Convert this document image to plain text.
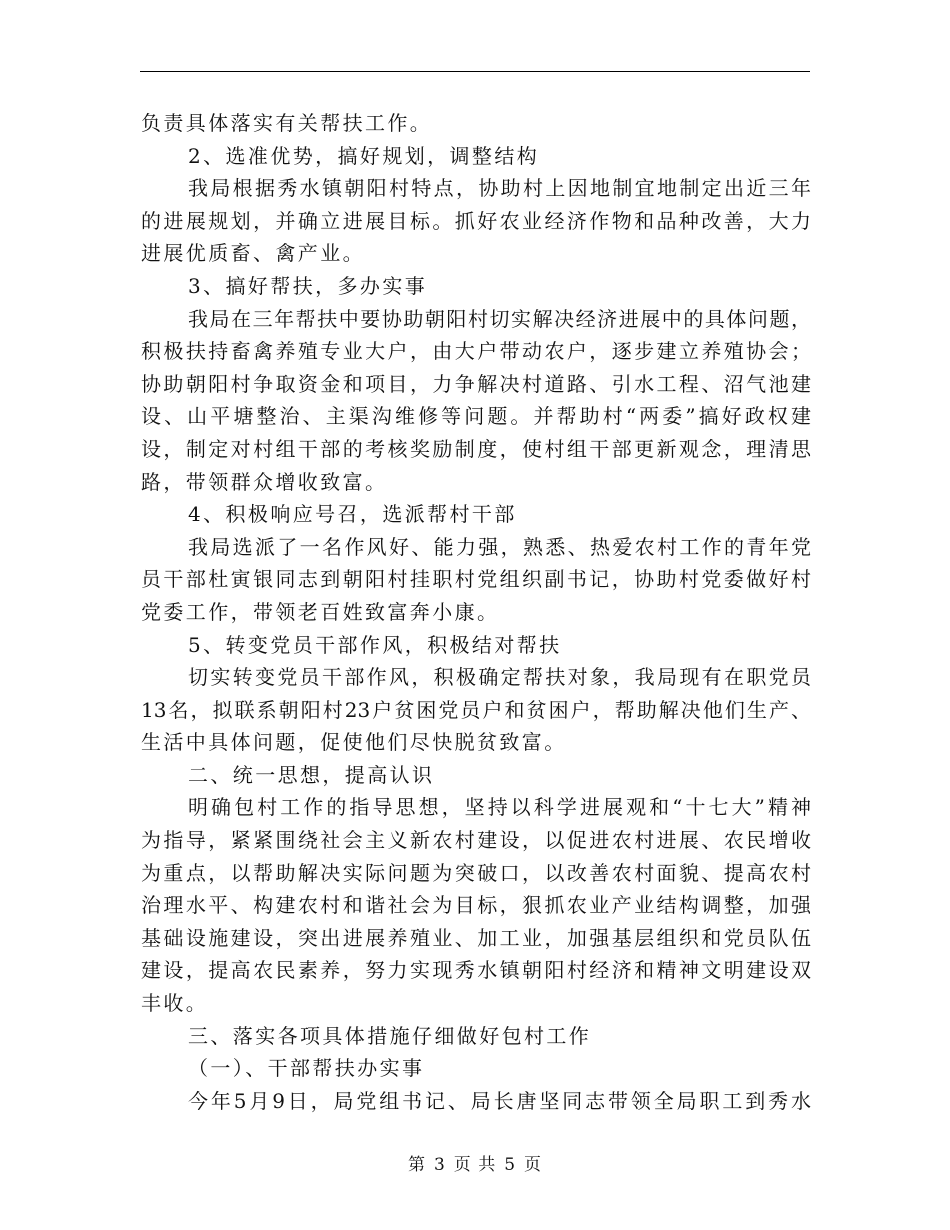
负责具体落实有关帮扶工作。
2、选准优势，搞好规划，调整结构
我局根据秀水镇朝阳村特点，协助村上因地制宜地制定出近三年
的进展规划，并确立进展目标。抓好农业经济作物和品种改善，大力
进展优质畜、禽产业。
3、搞好帮扶，多办实事
我局在三年帮扶中要协助朝阳村切实解决经济进展中的具体问题，
积极扶持畜禽养殖专业大户，由大户带动农户，逐步建立养殖协会；
协助朝阳村争取资金和项目，力争解决村道路、引水工程、沼气池建
设、山平塘整治、主渠沟维修等问题。并帮助村“两委”搞好政权建
设，制定对村组干部的考核奖励制度，使村组干部更新观念，理清思
路，带领群众增收致富。
4、积极响应号召，选派帮村干部
我局选派了一名作风好、能力强，熟悉、热爱农村工作的青年党
员干部杜寅银同志到朝阳村挂职村党组织副书记，协助村党委做好村
党委工作，带领老百姓致富奔小康。
5、转变党员干部作风，积极结对帮扶
切实转变党员干部作风，积极确定帮扶对象，我局现有在职党员
13名，拟联系朝阳村23户贫困党员户和贫困户，帮助解决他们生产、
生活中具体问题，促使他们尽快脱贫致富。
二、统一思想，提高认识
明确包村工作的指导思想，坚持以科学进展观和“十七大”精神
为指导，紧紧围绕社会主义新农村建设，以促进农村进展、农民增收
为重点，以帮助解决实际问题为突破口，以改善农村面貌、提高农村
治理水平、构建农村和谐社会为目标，狠抓农业产业结构调整，加强
基础设施建设，突出进展养殖业、加工业，加强基层组织和党员队伍
建设，提高农民素养，努力实现秀水镇朝阳村经济和精神文明建设双
丰收。
三、落实各项具体措施仔细做好包村工作
（一）、干部帮扶办实事
今年5月9日，局党组书记、局长唐坚同志带领全局职工到秀水
第 3 页 共 5 页
